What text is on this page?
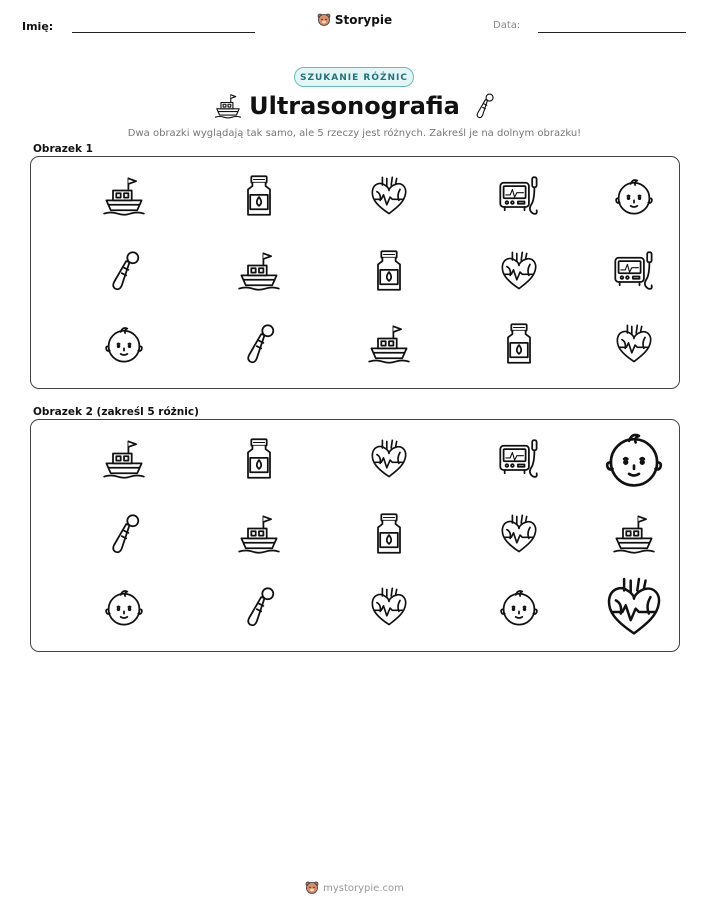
Imię:	Storypie	Data:
SZUKANIE RÓŻNIC
Ultrasonografia
Dwa obrazki wyglądają tak samo, ale 5 rzeczy jest różnych. Zakreśl je na dolnym obrazku!
Obrazek 1
Obrazek 2 (zakreśl 5 różnic)
mystorypie.com
